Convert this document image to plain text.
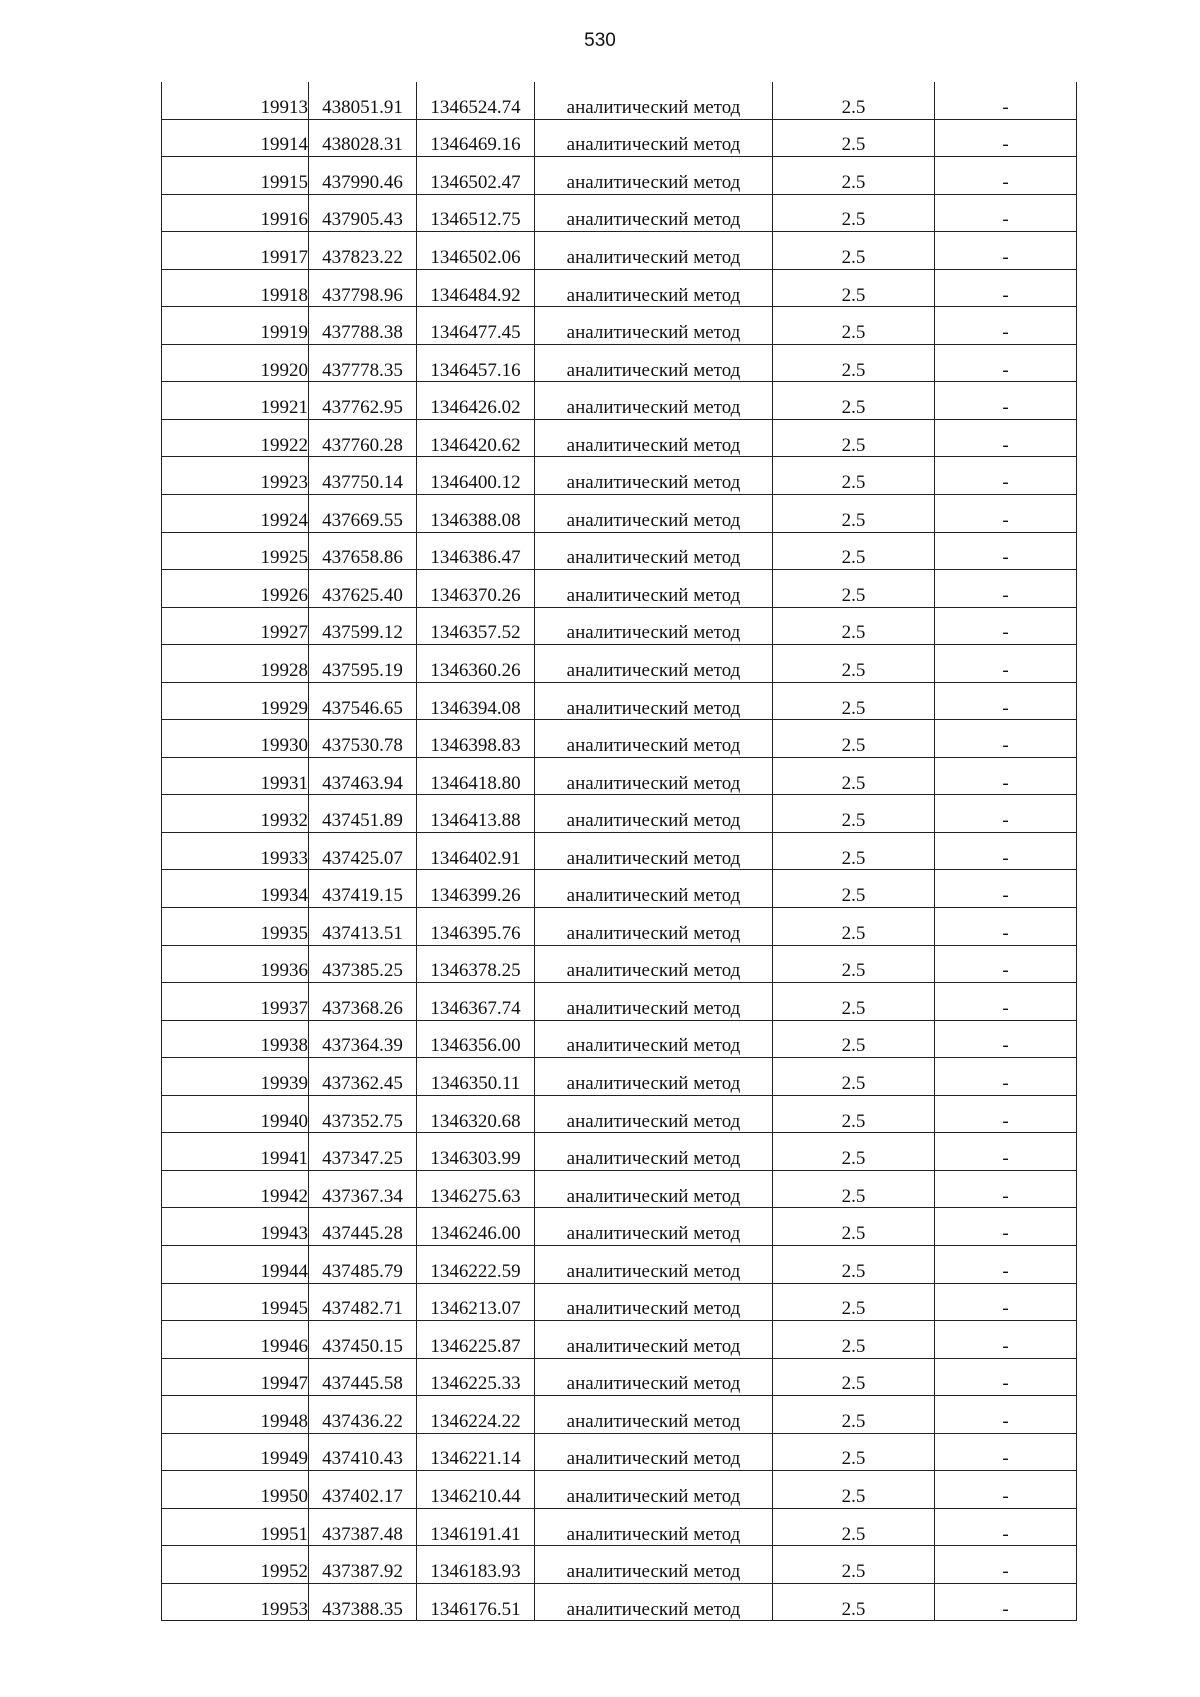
530
19913	438051.91	1346524.74	аналитический метод	2.5	-
19914	438028.31	1346469.16	аналитический метод	2.5	-
19915	437990.46	1346502.47	аналитический метод	2.5	-
19916	437905.43	1346512.75	аналитический метод	2.5	-
19917	437823.22	1346502.06	аналитический метод	2.5	-
19918	437798.96	1346484.92	аналитический метод	2.5	-
19919	437788.38	1346477.45	аналитический метод	2.5	-
19920	437778.35	1346457.16	аналитический метод	2.5	-
19921	437762.95	1346426.02	аналитический метод	2.5	-
19922	437760.28	1346420.62	аналитический метод	2.5	-
19923	437750.14	1346400.12	аналитический метод	2.5	-
19924	437669.55	1346388.08	аналитический метод	2.5	-
19925	437658.86	1346386.47	аналитический метод	2.5	-
19926	437625.40	1346370.26	аналитический метод	2.5	-
19927	437599.12	1346357.52	аналитический метод	2.5	-
19928	437595.19	1346360.26	аналитический метод	2.5	-
19929	437546.65	1346394.08	аналитический метод	2.5	-
19930	437530.78	1346398.83	аналитический метод	2.5	-
19931	437463.94	1346418.80	аналитический метод	2.5	-
19932	437451.89	1346413.88	аналитический метод	2.5	-
19933	437425.07	1346402.91	аналитический метод	2.5	-
19934	437419.15	1346399.26	аналитический метод	2.5	-
19935	437413.51	1346395.76	аналитический метод	2.5	-
19936	437385.25	1346378.25	аналитический метод	2.5	-
19937	437368.26	1346367.74	аналитический метод	2.5	-
19938	437364.39	1346356.00	аналитический метод	2.5	-
19939	437362.45	1346350.11	аналитический метод	2.5	-
19940	437352.75	1346320.68	аналитический метод	2.5	-
19941	437347.25	1346303.99	аналитический метод	2.5	-
19942	437367.34	1346275.63	аналитический метод	2.5	-
19943	437445.28	1346246.00	аналитический метод	2.5	-
19944	437485.79	1346222.59	аналитический метод	2.5	-
19945	437482.71	1346213.07	аналитический метод	2.5	-
19946	437450.15	1346225.87	аналитический метод	2.5	-
19947	437445.58	1346225.33	аналитический метод	2.5	-
19948	437436.22	1346224.22	аналитический метод	2.5	-
19949	437410.43	1346221.14	аналитический метод	2.5	-
19950	437402.17	1346210.44	аналитический метод	2.5	-
19951	437387.48	1346191.41	аналитический метод	2.5	-
19952	437387.92	1346183.93	аналитический метод	2.5	-
19953	437388.35	1346176.51	аналитический метод	2.5	-
